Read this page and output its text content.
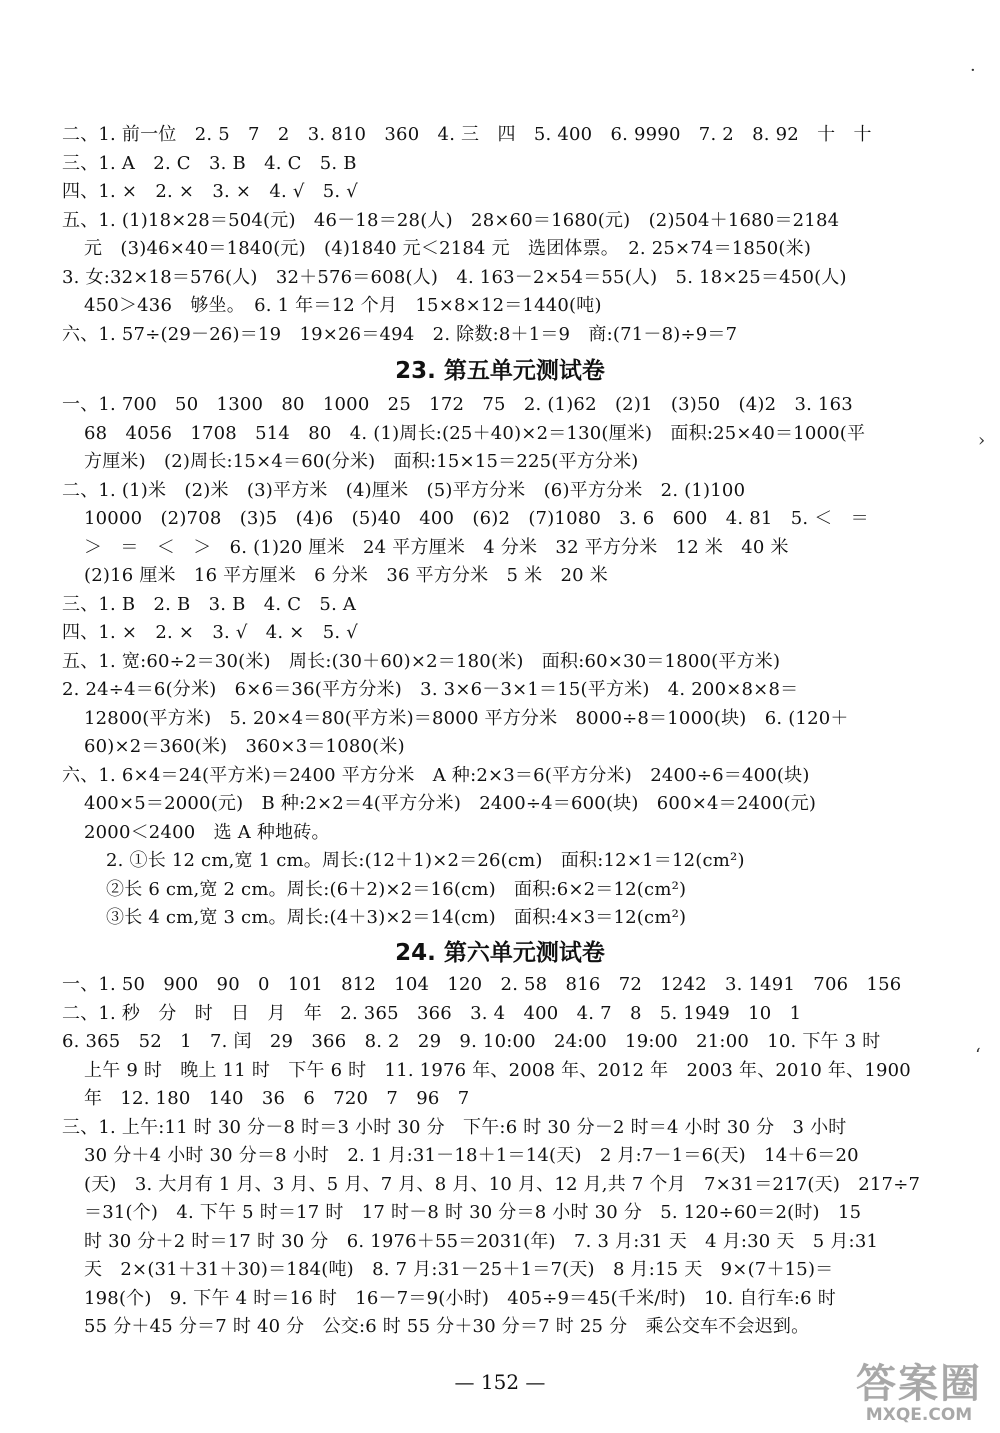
二、1. 前一位　2. 5　7　2　3. 810　360　4. 三　四　5. 400　6. 9990　7. 2　8. 92　十　十
三、1. A　2. C　3. B　4. C　5. B
四、1. ×　2. ×　3. ×　4. √　5. √
五、1. (1)18×28＝504(元)　46－18＝28(人)　28×60＝1680(元)　(2)504＋1680＝2184
元　(3)46×40＝1840(元)　(4)1840 元＜2184 元　选团体票。　2. 25×74＝1850(米)
3. 女:32×18＝576(人)　32＋576＝608(人)　4. 163－2×54＝55(人)　5. 18×25＝450(人)
450＞436　够坐。　6. 1 年＝12 个月　15×8×12＝1440(吨)
六、1. 57÷(29－26)＝19　19×26＝494　2. 除数:8＋1＝9　商:(71－8)÷9＝7
23. 第五单元测试卷
一、1. 700　50　1300　80　1000　25　172　75　2. (1)62　(2)1　(3)50　(4)2　3. 163
68　4056　1708　514　80　4. (1)周长:(25＋40)×2＝130(厘米)　面积:25×40＝1000(平
方厘米)　(2)周长:15×4＝60(分米)　面积:15×15＝225(平方分米)
二、1. (1)米　(2)米　(3)平方米　(4)厘米　(5)平方分米　(6)平方分米　2. (1)100
10000　(2)708　(3)5　(4)6　(5)40　400　(6)2　(7)1080　3. 6　600　4. 81　5. ＜　＝
＞　＝　＜　＞　6. (1)20 厘米　24 平方厘米　4 分米　32 平方分米　12 米　40 米
(2)16 厘米　16 平方厘米　6 分米　36 平方分米　5 米　20 米
三、1. B　2. B　3. B　4. C　5. A
四、1. ×　2. ×　3. √　4. ×　5. √
五、1. 宽:60÷2＝30(米)　周长:(30＋60)×2＝180(米)　面积:60×30＝1800(平方米)
2. 24÷4＝6(分米)　6×6＝36(平方分米)　3. 3×6－3×1＝15(平方米)　4. 200×8×8＝
12800(平方米)　5. 20×4＝80(平方米)＝8000 平方分米　8000÷8＝1000(块)　6. (120＋
60)×2＝360(米)　360×3＝1080(米)
六、1. 6×4＝24(平方米)＝2400 平方分米　A 种:2×3＝6(平方分米)　2400÷6＝400(块)
400×5＝2000(元)　B 种:2×2＝4(平方分米)　2400÷4＝600(块)　600×4＝2400(元)
2000＜2400　选 A 种地砖。
2. ①长 12 cm,宽 1 cm。周长:(12＋1)×2＝26(cm)　面积:12×1＝12(cm²)
②长 6 cm,宽 2 cm。周长:(6＋2)×2＝16(cm)　面积:6×2＝12(cm²)
③长 4 cm,宽 3 cm。周长:(4＋3)×2＝14(cm)　面积:4×3＝12(cm²)
24. 第六单元测试卷
一、1. 50　900　90　0　101　812　104　120　2. 58　816　72　1242　3. 1491　706　156
二、1. 秒　分　时　日　月　年　2. 365　366　3. 4　400　4. 7　8　5. 1949　10　1
6. 365　52　1　7. 闰　29　366　8. 2　29　9. 10:00　24:00　19:00　21:00　10. 下午 3 时
上午 9 时　晚上 11 时　下午 6 时　11. 1976 年、2008 年、2012 年　2003 年、2010 年、1900
年　12. 180　140　36　6　720　7　96　7
三、1. 上午:11 时 30 分－8 时＝3 小时 30 分　下午:6 时 30 分－2 时＝4 小时 30 分　3 小时
30 分＋4 小时 30 分＝8 小时　2. 1 月:31－18＋1＝14(天)　2 月:7－1＝6(天)　14＋6＝20
(天)　3. 大月有 1 月、3 月、5 月、7 月、8 月、10 月、12 月,共 7 个月　7×31＝217(天)　217÷7
＝31(个)　4. 下午 5 时＝17 时　17 时－8 时 30 分＝8 小时 30 分　5. 120÷60＝2(时)　15
时 30 分＋2 时＝17 时 30 分　6. 1976＋55＝2031(年)　7. 3 月:31 天　4 月:30 天　5 月:31
天　2×(31＋31＋30)＝184(吨)　8. 7 月:31－25＋1＝7(天)　8 月:15 天　9×(7＋15)＝
198(个)　9. 下午 4 时＝16 时　16－7＝9(小时)　405÷9＝45(千米/时)　10. 自行车:6 时
55 分＋45 分＝7 时 40 分　公交:6 时 55 分＋30 分＝7 时 25 分　乘公交车不会迟到。
— 152 —
·
›
ʻ
答案圈
MXQE.COM
